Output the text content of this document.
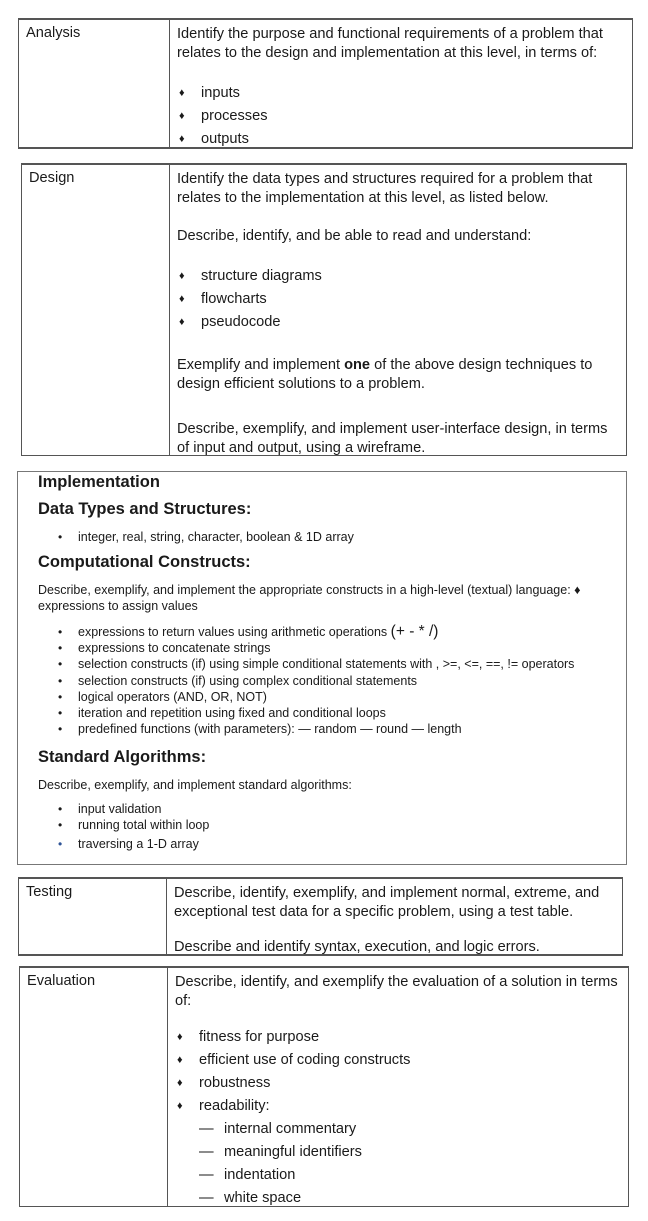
Analysis	Identify the purpose and functional requirements of a problem that relates to the design and implementation at this level, in terms of:

♦ inputs
♦ processes
♦ outputs
Design	Identify the data types and structures required for a problem that relates to the implementation at this level, as listed below.

Describe, identify, and be able to read and understand:

♦ structure diagrams
♦ flowcharts
♦ pseudocode

Exemplify and implement one of the above design techniques to design efficient solutions to a problem.

Describe, exemplify, and implement user-interface design, in terms of input and output, using a wireframe.

Implementation
Data Types and Structures:
• integer, real, string, character, boolean & 1D array
Computational Constructs:

Describe, exemplify, and implement the appropriate constructs in a high-level (textual) language: ♦ expressions to assign values

• expressions to return values using arithmetic operations (+ - * /)
• expressions to concatenate strings
• selection constructs (if) using simple conditional statements with , >=, <=, ==, != operators
• selection constructs (if) using complex conditional statements
• logical operators (AND, OR, NOT)
• iteration and repetition using fixed and conditional loops
• predefined functions (with parameters): — random — round — length
Standard Algorithms:

Describe, exemplify, and implement standard algorithms:

• input validation
• running total within loop
• traversing a 1-D array
Testing	Describe, identify, exemplify, and implement normal, extreme, and exceptional test data for a specific problem, using a test table.

Describe and identify syntax, execution, and logic errors.

Evaluation	Describe, identify, and exemplify the evaluation of a solution in terms of:

♦ fitness for purpose
♦ efficient use of coding constructs
♦ robustness
♦ readability:
— internal commentary
— meaningful identifiers
— indentation
— white space
